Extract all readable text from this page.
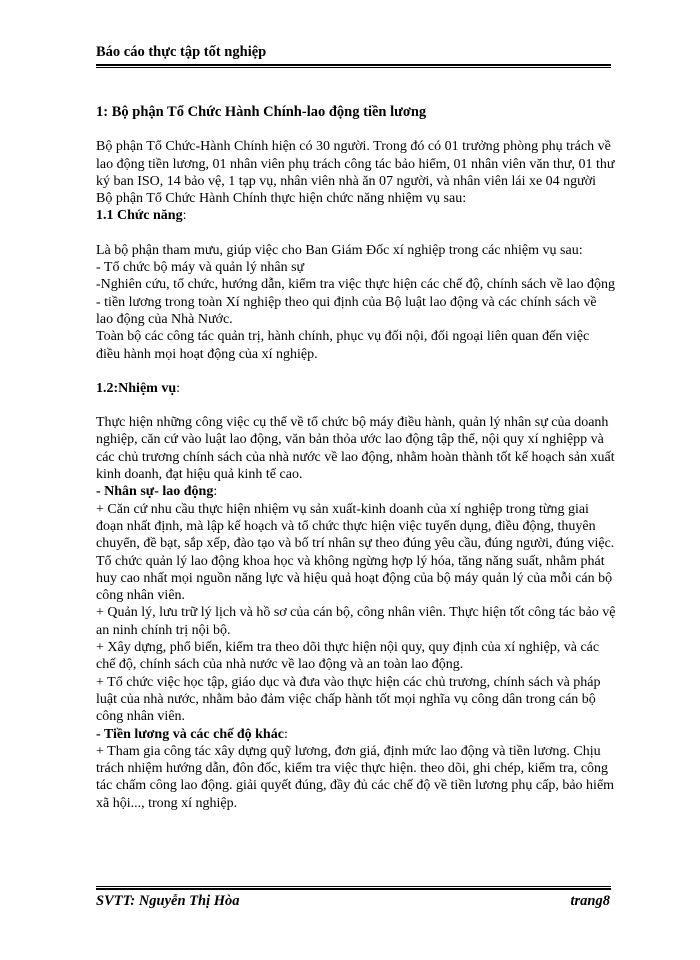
Báo cáo thực tập tốt nghiệp

1: Bộ phận Tổ Chức Hành Chính-lao động tiền lương

Bộ phận Tổ Chức-Hành Chính hiện có 30 người. Trong đó có 01 trưởng phòng phụ trách về lao động tiền lương, 01 nhân viên phụ trách công tác bảo hiểm, 01 nhân viên văn thư, 01 thư ký ban ISO, 14 bảo vệ, 1 tạp vụ, nhân viên nhà ăn 07 người, và nhân viên lái xe 04 người

Bộ phận Tổ Chức Hành Chính thực hiện chức năng nhiệm vụ sau:

1.1 Chức năng:

Là bộ phận tham mưu, giúp việc cho Ban Giám Đốc xí nghiệp trong các nhiệm vụ sau:

- Tổ chức bộ máy và quản lý nhân sự

-Nghiên cứu, tổ chức, hướng dẫn, kiểm tra việc thực hiện các chế độ, chính sách về lao động - tiền lương trong toàn Xí nghiệp theo qui định của Bộ luật lao động và các chính sách về lao động của Nhà Nước.

Toàn bộ các công tác quản trị, hành chính, phục vụ đối nội, đối ngoại liên quan đến việc điều hành mọi hoạt động của xí nghiệp.

1.2:Nhiệm vụ:

Thực hiện những công việc cụ thể về tổ chức bộ máy điều hành, quản lý nhân sự của doanh nghiệp, căn cứ vào luật lao động, văn bản thỏa ước lao động tập thể, nội quy xí nghiệpp và các chủ trương chính sách của nhà nước về lao động, nhằm hoàn thành tốt kế hoạch sản xuất kinh doanh, đạt hiệu quả kinh tế cao.

- Nhân sự- lao động:

+ Căn cứ nhu cầu thực hiện nhiệm vụ sản xuất-kinh doanh của xí nghiệp trong từng giai đoạn nhất định, mà lập kế hoạch và tổ chức thực hiện việc tuyển dụng, điều động, thuyên chuyển, đề bạt, sắp xếp, đào tạo và bố trí nhân sự theo đúng yêu cầu, đúng người, đúng việc. Tổ chức quản lý lao động khoa học và không ngừng hợp lý hóa, tăng năng suất, nhằm phát huy cao nhất mọi nguồn năng lực và hiệu quả hoạt động của bộ máy quản lý của mỗi cán bộ công nhân viên.

+ Quản lý, lưu trữ lý lịch và hồ sơ của cán bộ, công nhân viên. Thực hiện tốt công tác bảo vệ an ninh chính trị nội bộ.

+ Xây dựng, phổ biến, kiểm tra theo dõi thực hiện nội quy, quy định của xí nghiệp, và các chế độ, chính sách của nhà nước về lao động và an toàn lao động.

+ Tổ chức việc học tập, giáo dục và đưa vào thực hiện các chủ trương, chính sách và pháp luật của nhà nước, nhằm bảo đảm việc chấp hành tốt mọi nghĩa vụ công dân trong cán bộ công nhân viên.

- Tiền lương và các chế độ khác:

+ Tham gia công tác xây dựng quỹ lương, đơn giá, định mức lao động và tiền lương. Chịu trách nhiệm hướng dẫn, đôn đốc, kiểm tra việc thực hiện. theo dõi, ghi chép, kiểm tra, công tác chấm công lao động. giải quyết đúng, đầy đủ các chế độ về tiền lương phụ cấp, bảo hiểm xã hội..., trong xí nghiệp.

SVTT: Nguyễn Thị Hòa	trang8
